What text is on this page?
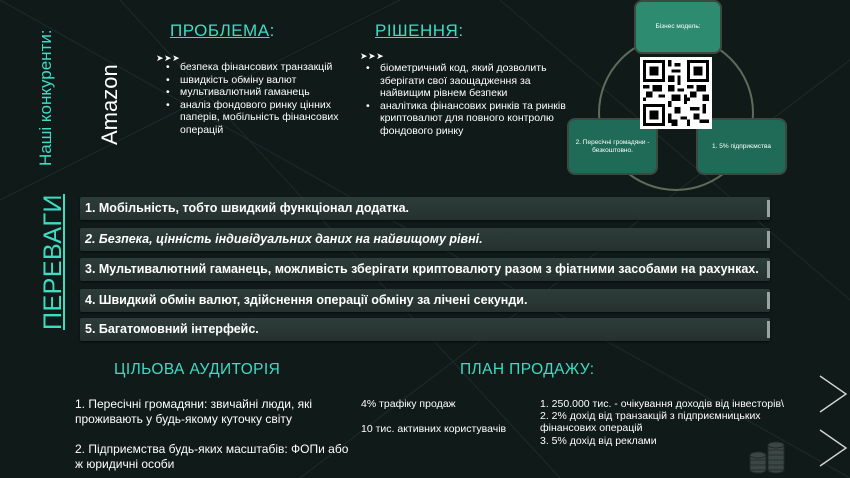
Наші конкуренти: Amazon
ПЕРЕВАГИ
ПРОБЛЕМА:
➤ ➤ ➤
• безпека фінансових транзакцій
• швидкість обміну валют
• мультивалютний гаманець
• аналіз фондового ринку цінних паперів, мобільність фінансових операцій
РІШЕННЯ:
➤ ➤ ➤
• біометричний код, який дозволить зберігати свої заощадження за найвищим рівнем безпеки
• аналітика фінансових ринків та ринків криптовалют для повного контролю фондового ринку
Бізнес модель:
2. Пересічні громадяни - безкоштовно.
1. 5% підприємства
1. Мобільність, тобто швидкий функціонал додатка.
2. Безпека, цінність індивідуальних даних на найвищому рівні.
3. Мультивалютний гаманець, можливість зберігати криптовалюту разом з фіатними засобами на рахунках.
4. Швидкий обмін валют, здійснення операції обміну за лічені секунди.
5. Багатомовний інтерфейс.
ЦІЛЬОВА АУДИТОРІЯ
1. Пересічні громадяни: звичайні люди, які проживають у будь-якому куточку світу
2. Підприємства будь-яких масштабів: ФОПи або ж юридичні особи
ПЛАН ПРОДАЖУ:
4% трафіку продаж
10 тис. активних користувачів
1. 250.000 тис. - очікування доходів від інвесторів\
2. 2% дохід від транзакцій з підприємницьких фінансових операцій
3. 5% дохід від реклами
